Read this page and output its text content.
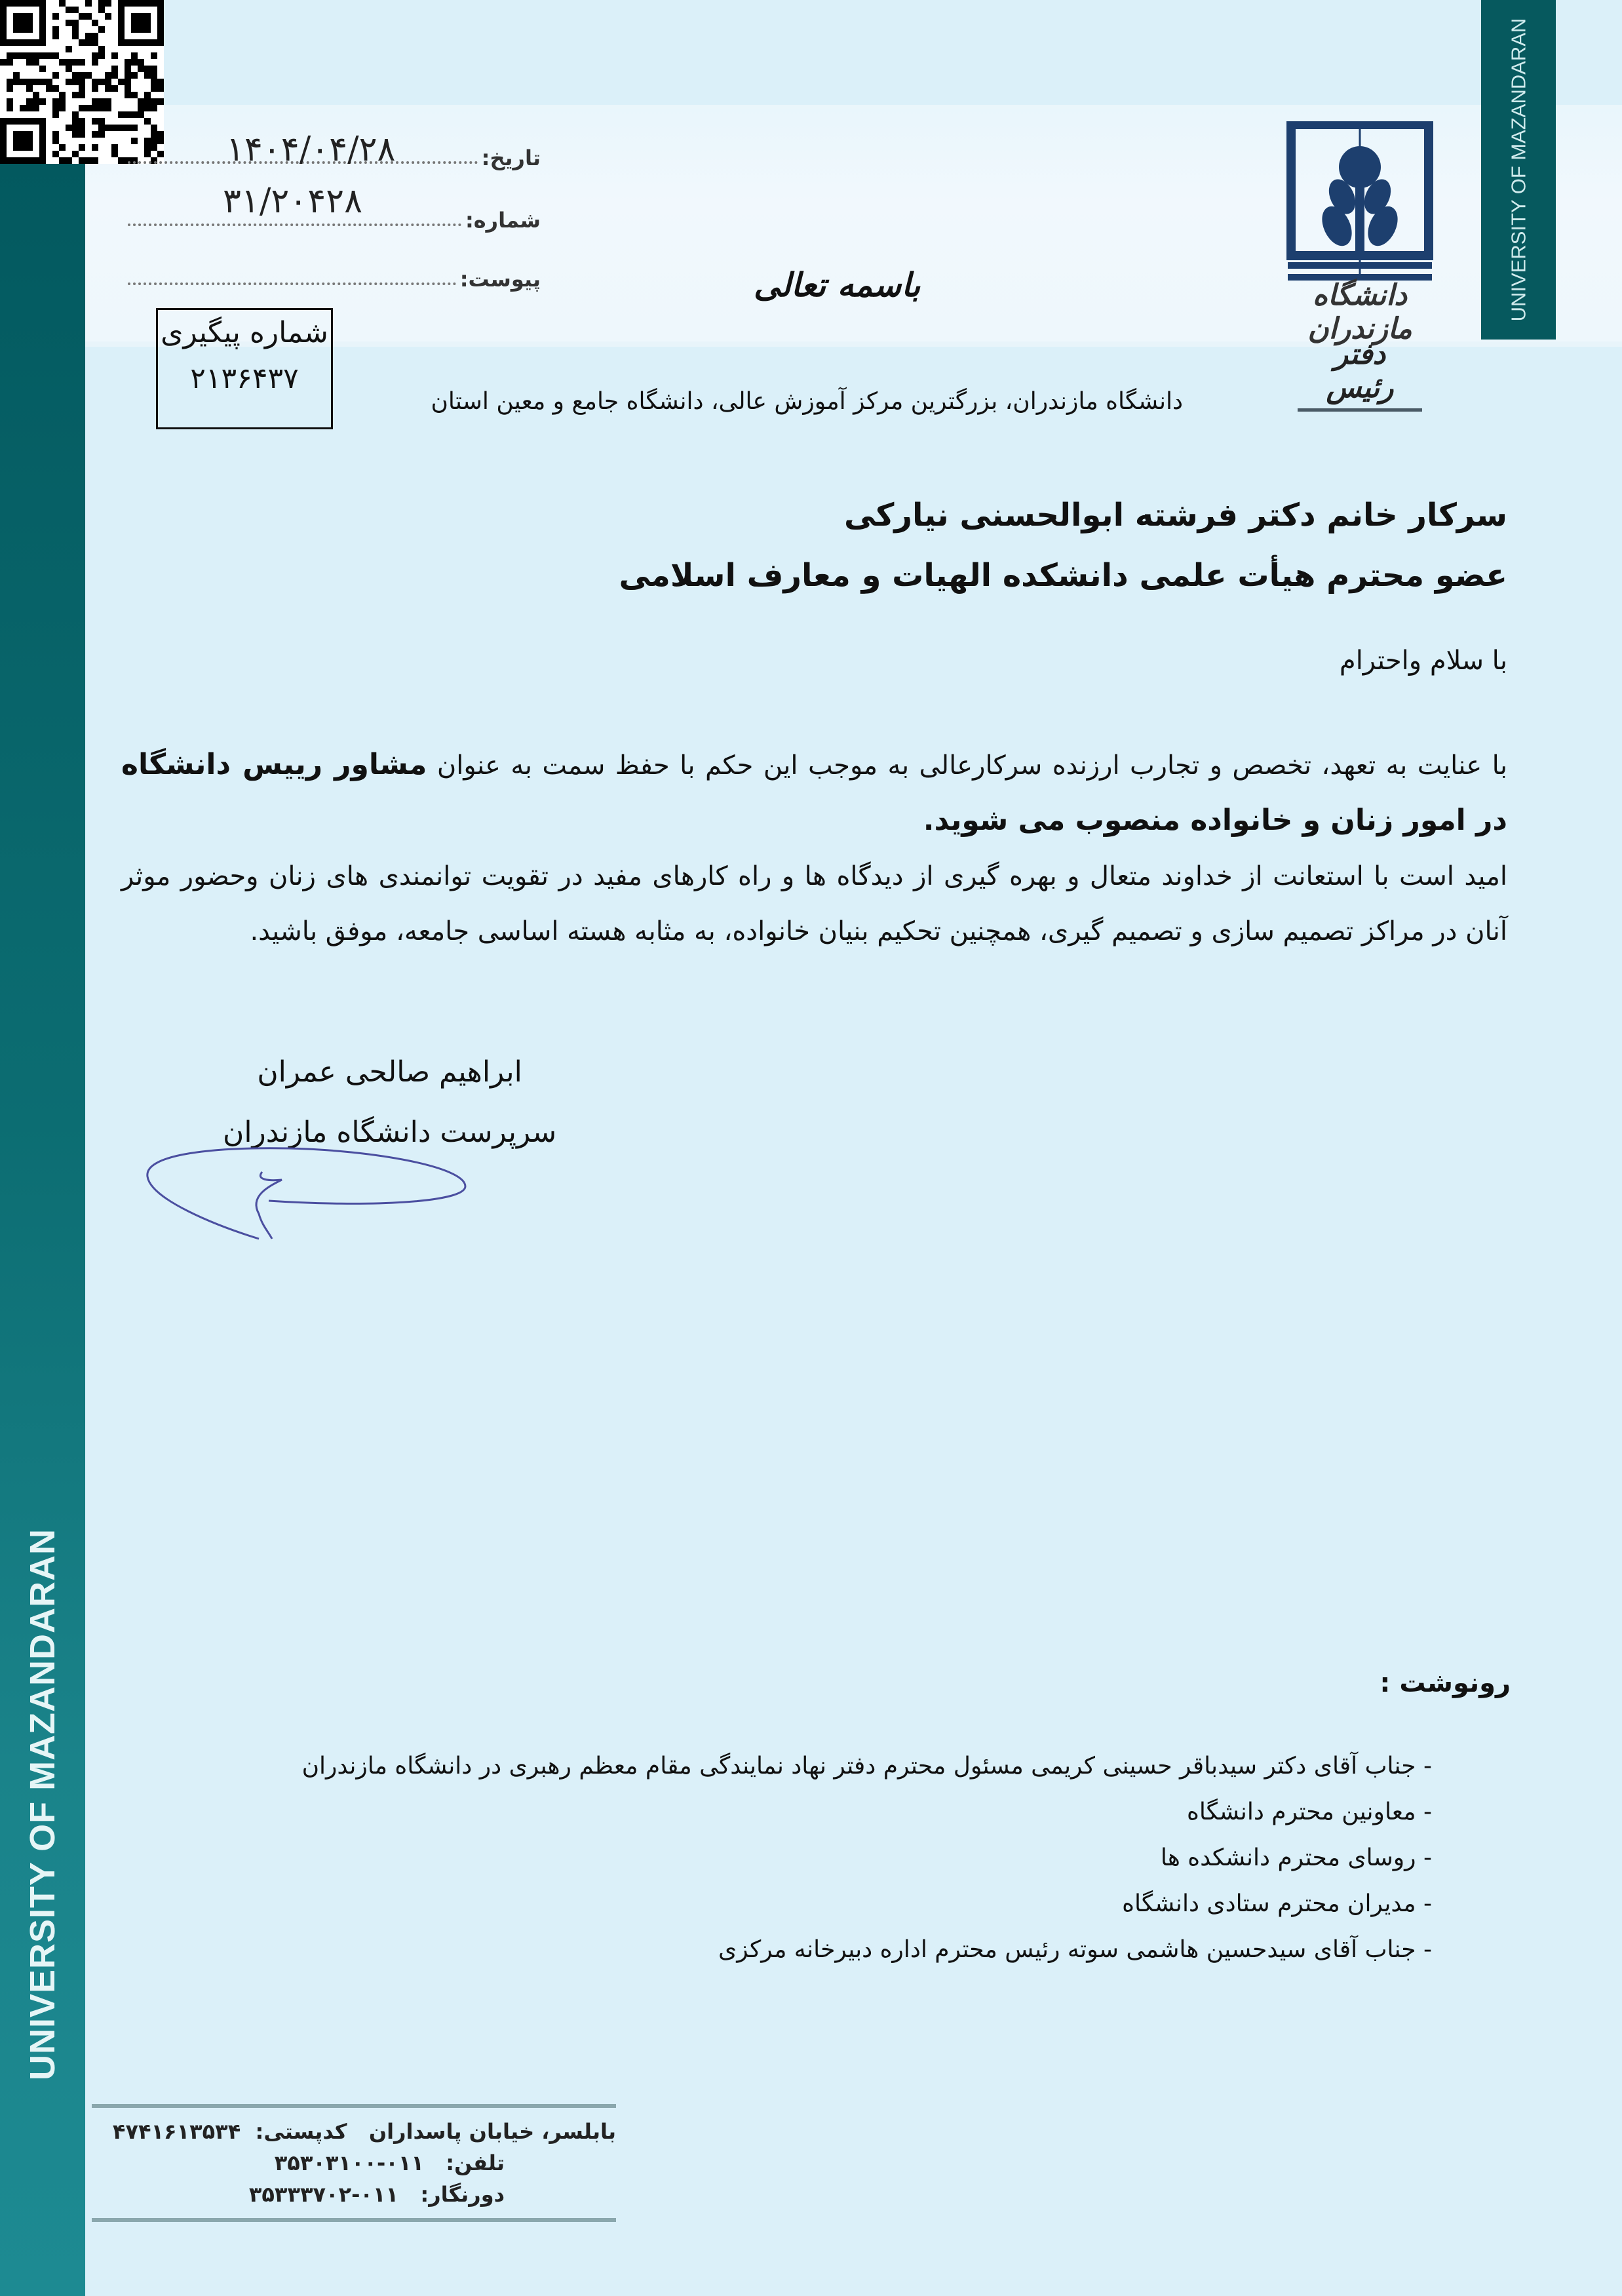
UNIVERSITY OF MAZANDARAN
UNIVERSITY OF MAZANDARAN
تاریخ:
۱۴۰۴/۰۴/۲۸
شماره:
۳۱/۲۰۴۲۸
پیوست:
شماره پیگیری
۲۱۳۶۴۳۷
باسمه تعالی	دانشگاه مازندران
دفتر رئیس
دانشگاه مازندران، بزرگترین مرکز آموزش عالی، دانشگاه جامع و معین استان
سرکار خانم دکتر فرشته ابوالحسنی نیارکی
عضو محترم هیأت علمی دانشکده الهیات و معارف اسلامی
با سلام واحترام
با عنایت به تعهد، تخصص و تجارب ارزنده سرکارعالی به موجب این حکم با حفظ سمت به عنوان مشاور رییس دانشگاه در امور زنان و خانواده منصوب می شوید.
امید است با استعانت از خداوند متعال و بهره گیری از دیدگاه ها و راه کارهای مفید در تقویت توانمندی های زنان وحضور موثر آنان در مراکز تصمیم سازی و تصمیم گیری، همچنین تحکیم بنیان خانواده، به مثابه هسته اساسی جامعه، موفق باشید.
ابراهیم صالحی عمران
سرپرست دانشگاه مازندران
رونوشت :
- جناب آقای دکتر سیدباقر حسینی کریمی مسئول محترم دفتر نهاد نمایندگی مقام معظم رهبری در دانشگاه مازندران
- معاونین محترم دانشگاه
- روسای محترم دانشکده ها
- مدیران محترم ستادی دانشگاه
- جناب آقای سیدحسین هاشمی سوته رئیس محترم اداره دبیرخانه مرکزی
بابلسر، خیابان پاسداران   کدپستی:  ۴۷۴۱۶۱۳۵۳۴
تلفن:   ۰۱۱-۳۵۳۰۳۱۰۰
دورنگار:   ۰۱۱-۳۵۳۳۳۷۰۲
